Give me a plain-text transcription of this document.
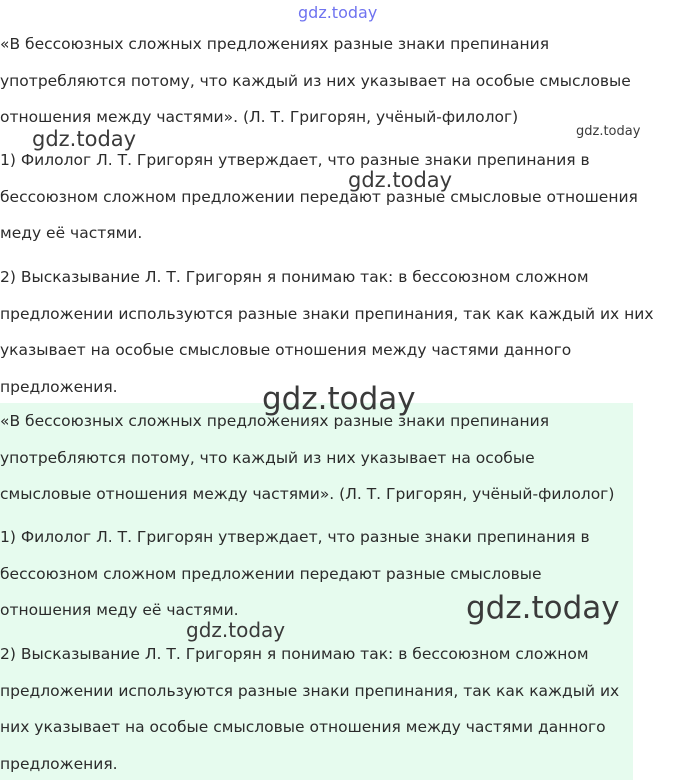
«В бессоюзных сложных предложениях разные знаки препинания употребляются потому, что каждый из них указывает на особые смысловые отношения между частями». (Л. Т. Григорян, учёный-филолог)

1) Филолог Л. Т. Григорян утверждает, что разные знаки препинания в бессоюзном сложном предложении передают разные смысловые отношения меду её частями.

2) Высказывание Л. Т. Григорян я понимаю так: в бессоюзном сложном предложении используются разные знаки препинания, так как каждый их них указывает на особые смысловые отношения между частями данного предложения.

«В бессоюзных сложных предложениях разные знаки препинания употребляются потому, что каждый из них указывает на особые смысловые отношения между частями». (Л. Т. Григорян, учёный-филолог)

1) Филолог Л. Т. Григорян утверждает, что разные знаки препинания в бессоюзном сложном предложении передают разные смысловые отношения меду её частями.

2) Высказывание Л. Т. Григорян я понимаю так: в бессоюзном сложном предложении используются разные знаки препинания, так как каждый их них указывает на особые смысловые отношения между частями данного предложения.

gdz.today
gdz.today	gdz.today
gdz.today
gdz.today
gdz.today
gdz.today
